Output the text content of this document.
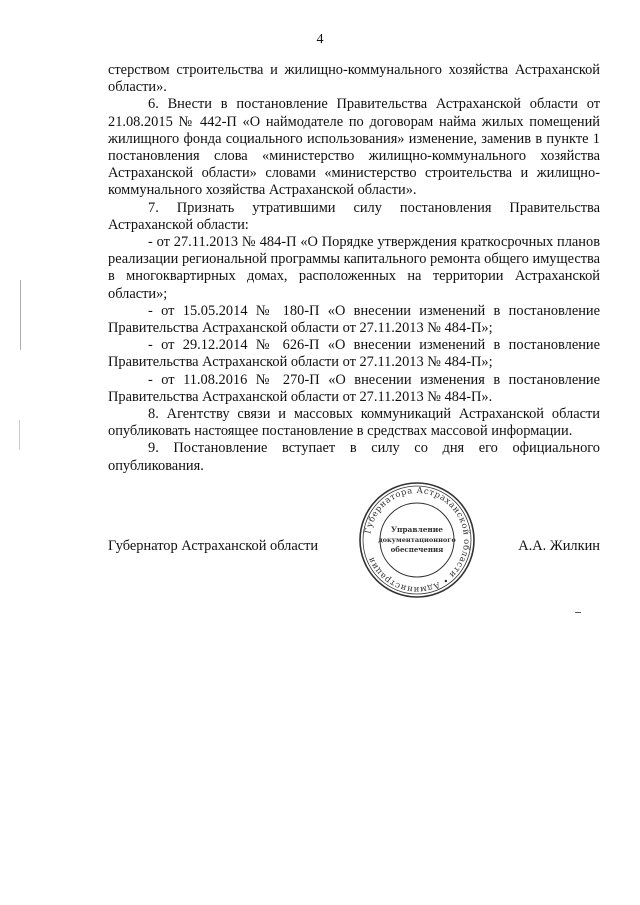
4

стерством строительства и жилищно-коммунального хозяйства Астраханской области».

6. Внести в постановление Правительства Астраханской области от 21.08.2015 № 442-П «О наймодателе по договорам найма жилых помещений жилищного фонда социального использования» изменение, заменив в пункте 1 постановления слова «министерство жилищно-коммунального хозяйства Астраханской области» словами «министерство строительства и жилищно-коммунального хозяйства Астраханской области».

7. Признать утратившими силу постановления Правительства Астраханской области:

- от 27.11.2013 № 484-П «О Порядке утверждения краткосрочных планов реализации региональной программы капитального ремонта общего имущества в многоквартирных домах, расположенных на территории Астраханской области»;

- от 15.05.2014 № 180-П «О внесении изменений в постановление Правительства Астраханской области от 27.11.2013 № 484-П»;

- от 29.12.2014 № 626-П «О внесении изменений в постановление Правительства Астраханской области от 27.11.2013 № 484-П»;

- от 11.08.2016 № 270-П «О внесении изменения в постановление Правительства Астраханской области от 27.11.2013 № 484-П».

8. Агентству связи и массовых коммуникаций Астраханской области опубликовать настоящее постановление в средствах массовой информации.

9. Постановление вступает в силу со дня его официального опубликования.

Губернатор Астраханской области	А.А. Жилкин
Губернатора Астраханской области • Администрация
Управление
документационного
обеспечения
